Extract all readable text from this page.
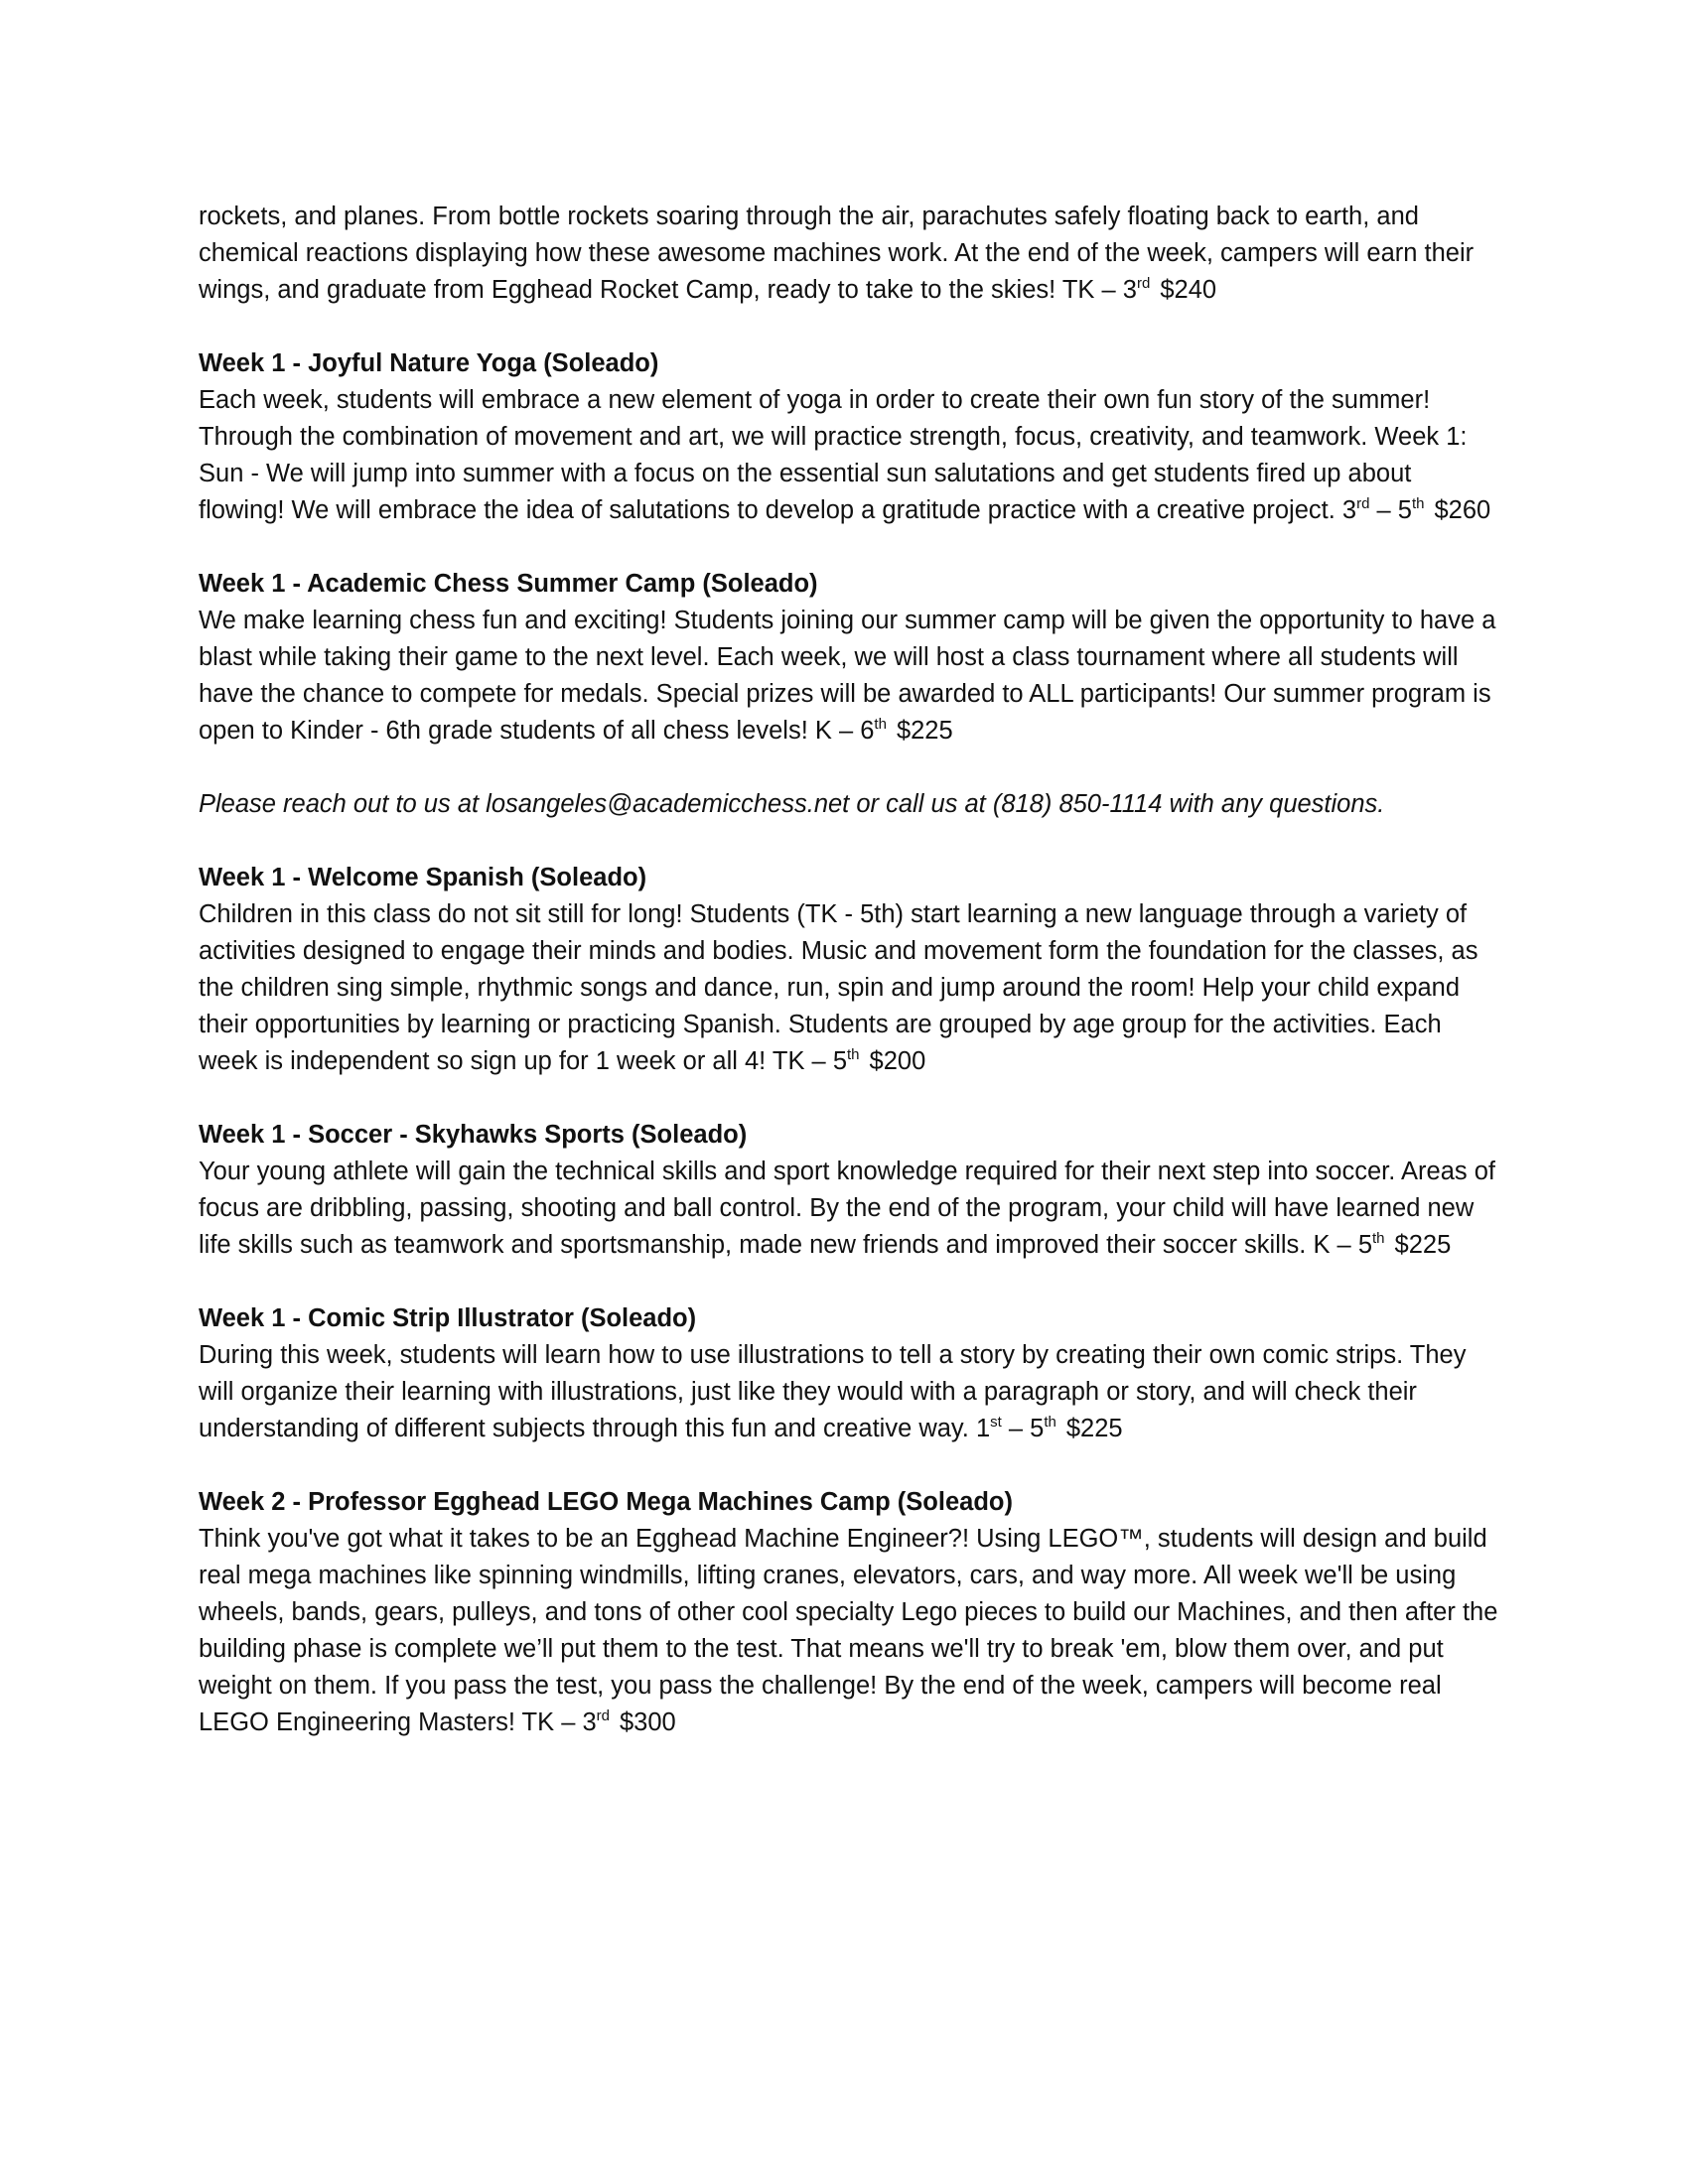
rockets, and planes. From bottle rockets soaring through the air, parachutes safely floating back to earth, and chemical reactions displaying how these awesome machines work. At the end of the week, campers will earn their wings, and graduate from Egghead Rocket Camp, ready to take to the skies! TK – 3rd $240

Week 1 - Joyful Nature Yoga (Soleado)

Each week, students will embrace a new element of yoga in order to create their own fun story of the summer! Through the combination of movement and art, we will practice strength, focus, creativity, and teamwork. Week 1: Sun - We will jump into summer with a focus on the essential sun salutations and get students fired up about flowing! We will embrace the idea of salutations to develop a gratitude practice with a creative project. 3rd – 5th $260

Week 1 - Academic Chess Summer Camp (Soleado)

We make learning chess fun and exciting! Students joining our summer camp will be given the opportunity to have a blast while taking their game to the next level. Each week, we will host a class tournament where all students will have the chance to compete for medals. Special prizes will be awarded to ALL participants! Our summer program is open to Kinder - 6th grade students of all chess levels! K – 6th $225

Please reach out to us at losangeles@academicchess.net or call us at (818) 850-1114 with any questions.

Week 1 - Welcome Spanish (Soleado)

Children in this class do not sit still for long! Students (TK - 5th) start learning a new language through a variety of activities designed to engage their minds and bodies. Music and movement form the foundation for the classes, as the children sing simple, rhythmic songs and dance, run, spin and jump around the room! Help your child expand their opportunities by learning or practicing Spanish. Students are grouped by age group for the activities. Each week is independent so sign up for 1 week or all 4! TK – 5th $200

Week 1 - Soccer - Skyhawks Sports (Soleado)

Your young athlete will gain the technical skills and sport knowledge required for their next step into soccer. Areas of focus are dribbling, passing, shooting and ball control. By the end of the program, your child will have learned new life skills such as teamwork and sportsmanship, made new friends and improved their soccer skills. K – 5th $225

Week 1 - Comic Strip Illustrator (Soleado)

During this week, students will learn how to use illustrations to tell a story by creating their own comic strips. They will organize their learning with illustrations, just like they would with a paragraph or story, and will check their understanding of different subjects through this fun and creative way. 1st – 5th $225

Week 2 - Professor Egghead LEGO Mega Machines Camp (Soleado)

Think you've got what it takes to be an Egghead Machine Engineer?! Using LEGO™, students will design and build real mega machines like spinning windmills, lifting cranes, elevators, cars, and way more. All week we'll be using wheels, bands, gears, pulleys, and tons of other cool specialty Lego pieces to build our Machines, and then after the building phase is complete we’ll put them to the test. That means we'll try to break 'em, blow them over, and put weight on them. If you pass the test, you pass the challenge! By the end of the week, campers will become real LEGO Engineering Masters! TK – 3rd $300
